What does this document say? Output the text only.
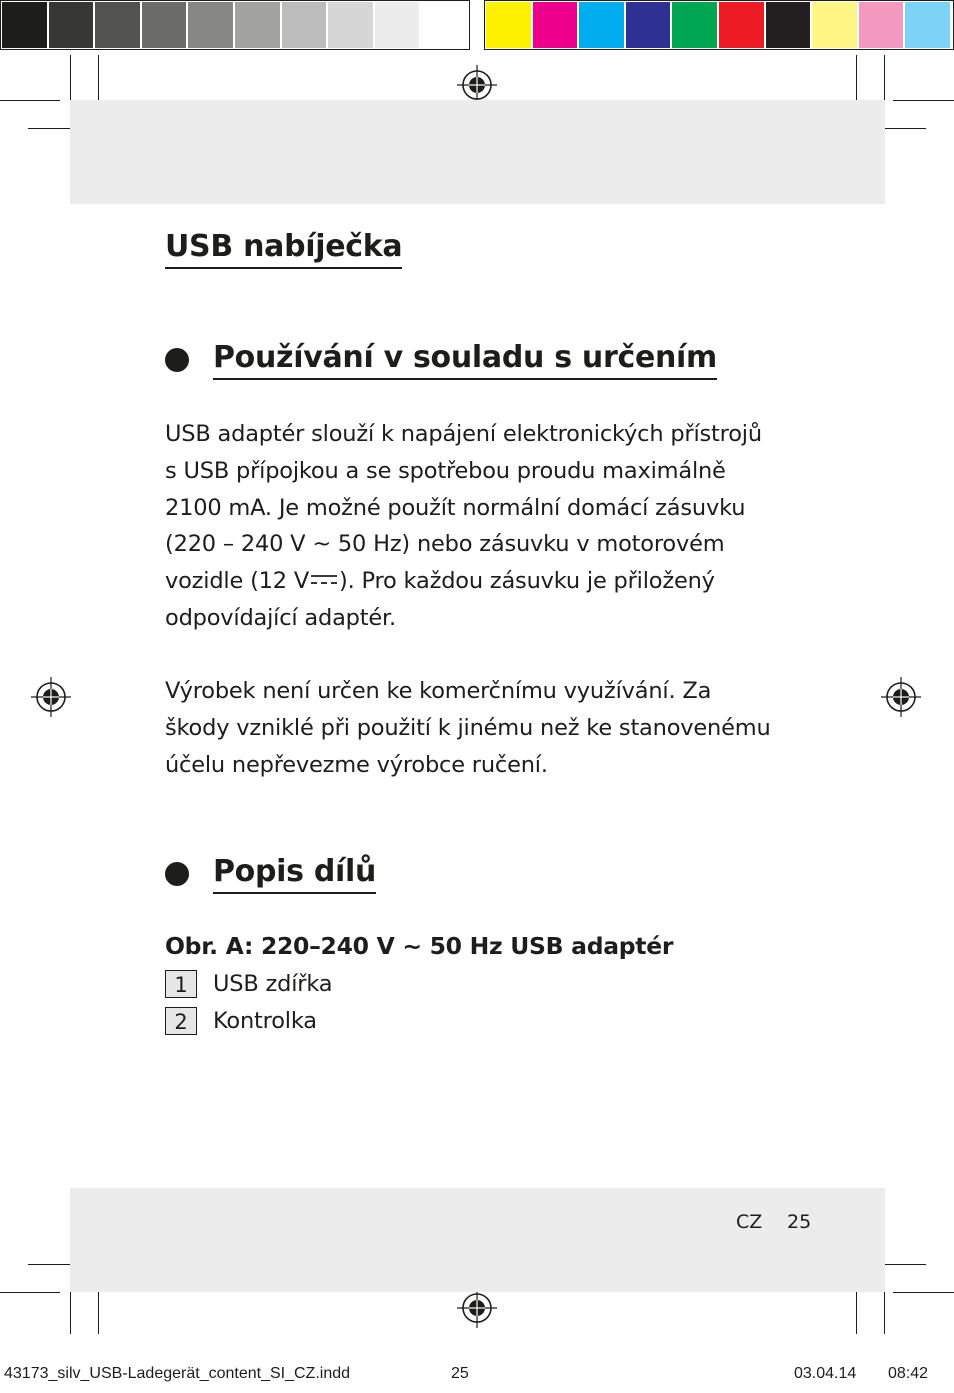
USB nabíječka
Používání v souladu s určením

USB adaptér slouží k napájení elektronických přístrojů
s USB přípojkou a se spotřebou proudu maximálně
2100 mA. Je možné použít normální domácí zásuvku
(220 – 240 V ~ 50 Hz) nebo zásuvku v motorovém
vozidle (12 V ). Pro každou zásuvku je přiložený
odpovídající adaptér.

Výrobek není určen ke komerčnímu využívání. Za
škody vzniklé při použití k jinému než ke stanovenému
účelu nepřevezme výrobce ručení.

Popis dílů

Obr. A: 220–240 V ~ 50 Hz USB adaptér

1	USB zdířka
2	Kontrolka
CZ 25
43173_silv_USB-Ladegerät_content_SI_CZ.indd	25	03.04.14 08:42
